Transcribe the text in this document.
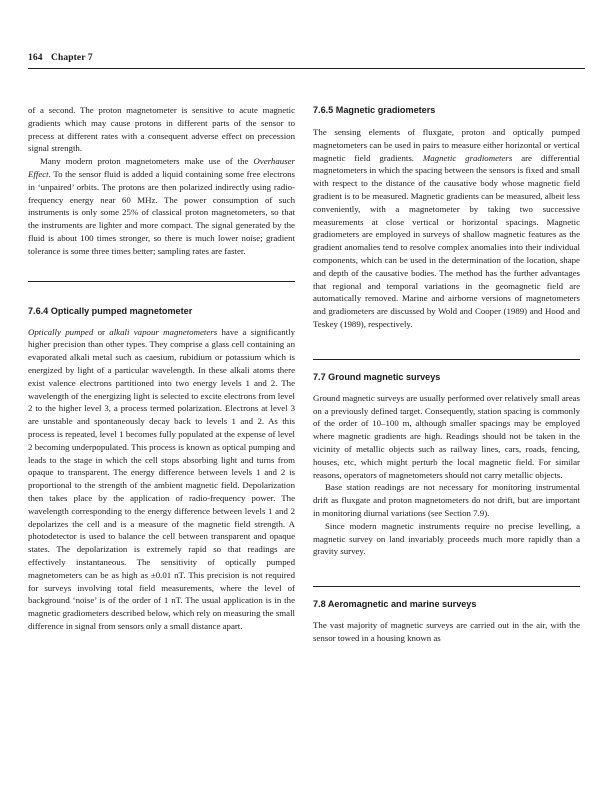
164 Chapter 7

of a second. The proton magnetometer is sensitive to acute magnetic gradients which may cause protons in different parts of the sensor to precess at different rates with a consequent adverse effect on precession signal strength.

Many modern proton magnetometers make use of the Overhauser Effect. To the sensor fluid is added a liquid containing some free electrons in ‘unpaired’ orbits. The protons are then polarized indirectly using radio-frequency energy near 60 MHz. The power consumption of such instruments is only some 25% of classical proton magnetometers, so that the instruments are lighter and more compact. The signal generated by the fluid is about 100 times stronger, so there is much lower noise; gradient tolerance is some three times better; sampling rates are faster.

7.6.4 Optically pumped magnetometer

Optically pumped or alkali vapour magnetometers have a significantly higher precision than other types. They comprise a glass cell containing an evaporated alkali metal such as caesium, rubidium or potassium which is energized by light of a particular wavelength. In these alkali atoms there exist valence electrons partitioned into two energy levels 1 and 2. The wavelength of the energizing light is selected to excite electrons from level 2 to the higher level 3, a process termed polarization. Electrons at level 3 are unstable and spontaneously decay back to levels 1 and 2. As this process is repeated, level 1 becomes fully populated at the expense of level 2 becoming underpopulated. This process is known as optical pumping and leads to the stage in which the cell stops absorbing light and turns from opaque to transparent. The energy difference between levels 1 and 2 is proportional to the strength of the ambient magnetic field. Depolarization then takes place by the application of radio-frequency power. The wavelength corresponding to the energy difference between levels 1 and 2 depolarizes the cell and is a measure of the magnetic field strength. A photodetector is used to balance the cell between transparent and opaque states. The depolarization is extremely rapid so that readings are effectively instantaneous. The sensitivity of optically pumped magnetometers can be as high as ±0.01 nT. This precision is not required for surveys involving total field measurements, where the level of background ‘noise’ is of the order of 1 nT. The usual application is in the magnetic gradiometers described below, which rely on measuring the small difference in signal from sensors only a small distance apart.

7.6.5 Magnetic gradiometers

The sensing elements of fluxgate, proton and optically pumped magnetometers can be used in pairs to measure either horizontal or vertical magnetic field gradients. Magnetic gradiometers are differential magnetometers in which the spacing between the sensors is fixed and small with respect to the distance of the causative body whose magnetic field gradient is to be measured. Magnetic gradients can be measured, albeit less conveniently, with a magnetometer by taking two successive measurements at close vertical or horizontal spacings. Magnetic gradiometers are employed in surveys of shallow magnetic features as the gradient anomalies tend to resolve complex anomalies into their individual components, which can be used in the determination of the location, shape and depth of the causative bodies. The method has the further advantages that regional and temporal variations in the geomagnetic field are automatically removed. Marine and airborne versions of magnetometers and gradiometers are discussed by Wold and Cooper (1989) and Hood and Teskey (1989), respectively.

7.7 Ground magnetic surveys

Ground magnetic surveys are usually performed over relatively small areas on a previously defined target. Consequently, station spacing is commonly of the order of 10–100 m, although smaller spacings may be employed where magnetic gradients are high. Readings should not be taken in the vicinity of metallic objects such as railway lines, cars, roads, fencing, houses, etc, which might perturb the local magnetic field. For similar reasons, operators of magnetometers should not carry metallic objects.

Base station readings are not necessary for monitoring instrumental drift as fluxgate and proton magnetometers do not drift, but are important in monitoring diurnal variations (see Section 7.9).

Since modern magnetic instruments require no precise levelling, a magnetic survey on land invariably proceeds much more rapidly than a gravity survey.

7.8 Aeromagnetic and marine surveys

The vast majority of magnetic surveys are carried out in the air, with the sensor towed in a housing known as
